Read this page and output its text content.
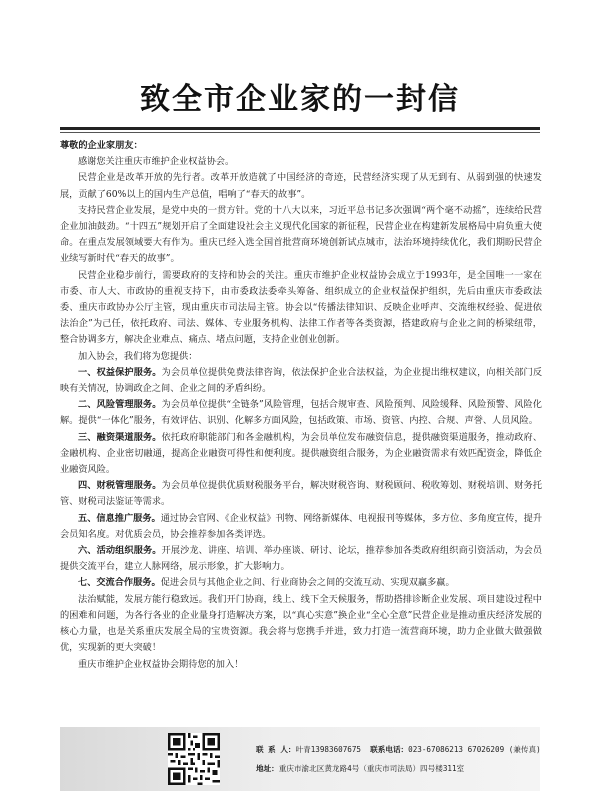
致全市企业家的一封信

尊敬的企业家朋友：

感谢您关注重庆市维护企业权益协会。

民营企业是改革开放的先行者。改革开放造就了中国经济的奇迹，民营经济实现了从无到有、从弱到强的快速发展，贡献了60%以上的国内生产总值，唱响了“春天的故事”。

支持民营企业发展，是党中央的一贯方针。党的十八大以来，习近平总书记多次强调“两个毫不动摇”，连续给民营企业加油鼓劲。“十四五”规划开启了全面建设社会主义现代化国家的新征程，民营企业在构建新发展格局中肩负重大使命。在重点发展领域要大有作为。重庆已经入选全国首批营商环境创新试点城市，法治环境持续优化，我们期盼民营企业续写新时代“春天的故事”。

民营企业稳步前行，需要政府的支持和协会的关注。重庆市维护企业权益协会成立于1993年，是全国唯一一家在市委、市人大、市政协的重视支持下，由市委政法委牵头筹备、组织成立的企业权益保护组织，先后由重庆市委政法委、重庆市政协办公厅主管，现由重庆市司法局主管。协会以“传播法律知识、反映企业呼声、交流维权经验、促进依法治企”为己任，依托政府、司法、媒体、专业服务机构、法律工作者等各类资源，搭建政府与企业之间的桥梁纽带，整合协调多方，解决企业难点、痛点、堵点问题，支持企业创业创新。

加入协会，我们将为您提供：

一、权益保护服务。为会员单位提供免费法律咨询，依法保护企业合法权益，为企业提出维权建议，向相关部门反映有关情况，协调政企之间、企业之间的矛盾纠纷。

二、风险管理服务。为会员单位提供“全链条”风险管理，包括合规审查、风险预判、风险缓释、风险预警、风险化解。提供“一体化”服务，有效评估、识别、化解多方面风险，包括政策、市场、资管、内控、合规、声誉、人员风险。

三、融资渠道服务。依托政府职能部门和各金融机构，为会员单位发布融资信息，提供融资渠道服务，推动政府、金融机构、企业密切融通，提高企业融资可得性和便利度。提供融资组合服务，为企业融资需求有效匹配资金，降低企业融资风险。

四、财税管理服务。为会员单位提供优质财税服务平台，解决财税咨询、财税顾问、税收筹划、财税培训、财务托管、财税司法鉴证等需求。

五、信息推广服务。通过协会官网、《企业权益》刊物、网络新媒体、电视报刊等媒体，多方位、多角度宣传，提升会员知名度。对优质会员，协会推荐参加各类评选。

六、活动组织服务。开展沙龙、讲座、培训、举办座谈、研讨、论坛，推荐参加各类政府组织商引资活动，为会员提供交流平台，建立人脉网络，展示形象，扩大影响力。

七、交流合作服务。促进会员与其他企业之间、行业商协会之间的交流互动、实现双赢多赢。

法治赋能，发展方能行稳致远。我们开门协商，线上、线下全天候服务，帮助搭排诊断企业发展、项目建设过程中的困难和问题，为各行各业的企业量身打造解决方案，以“真心实意”换企业“全心全意”民营企业是推动重庆经济发展的核心力量，也是关系重庆发展全局的宝贵资源。我会将与您携手并进，致力打造一流营商环境，助力企业做大做强做优，实现新的更大突破！

重庆市维护企业权益协会期待您的加入！

联 系 人：叶青13983607675 联系电话：023-67086213 67026209 (兼传真)
地址：重庆市渝北区黄龙路4号（重庆市司法局）四号楼311室
